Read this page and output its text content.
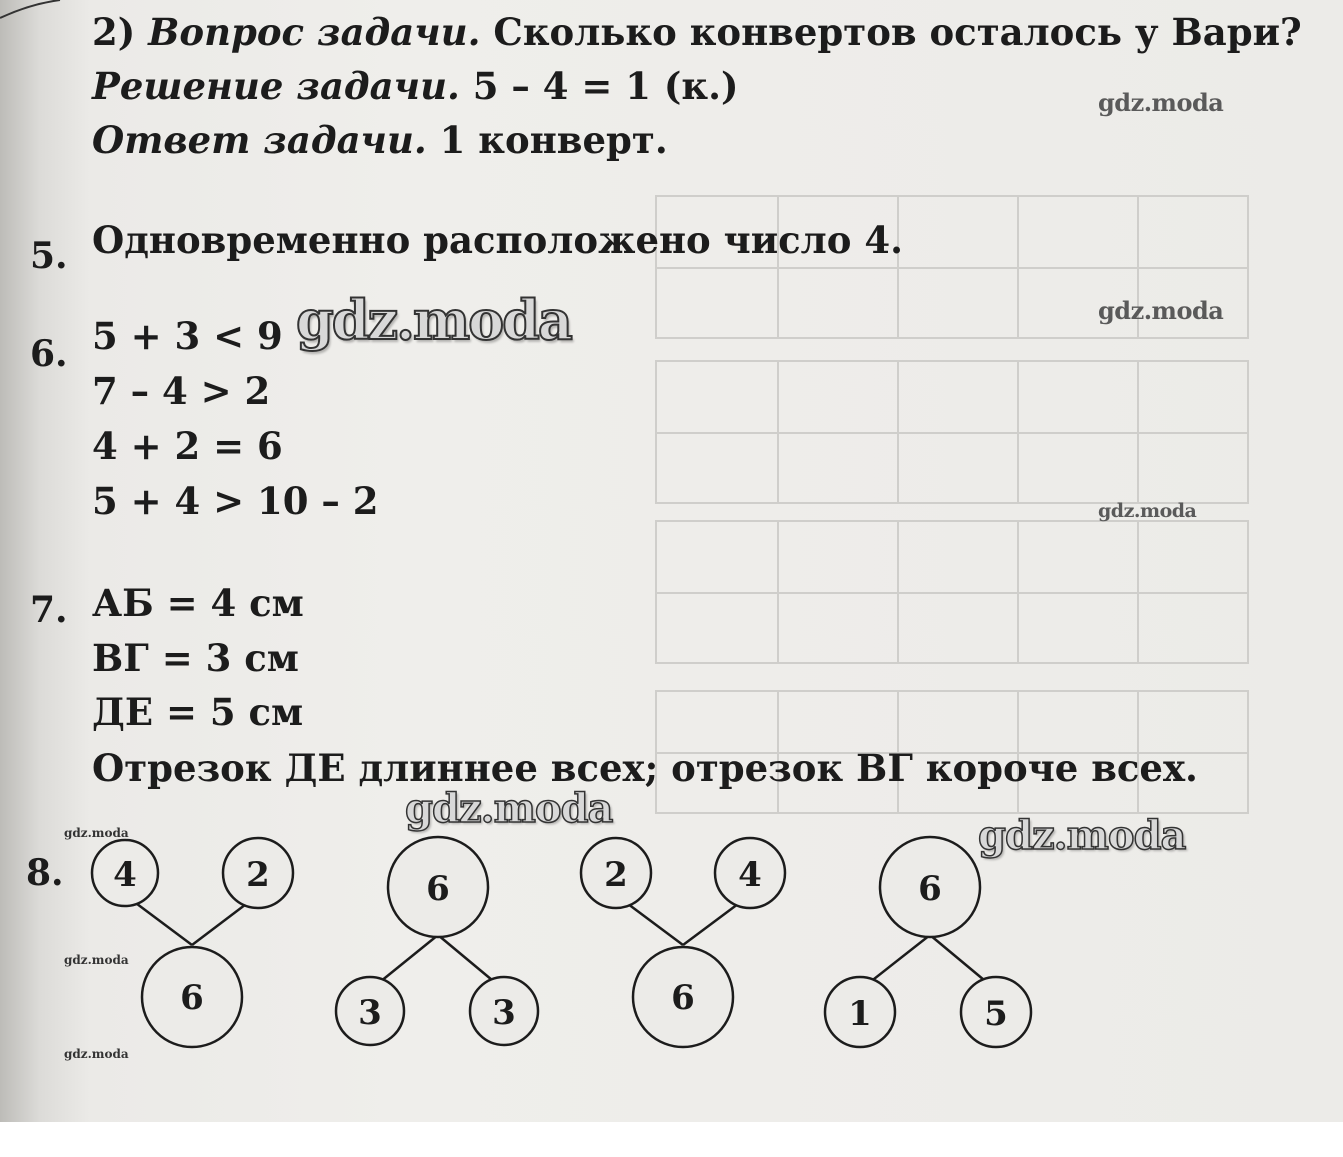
2) Вопрос задачи. Сколько конвертов осталось у Вари?
Решение задачи. 5 – 4 = 1 (к.)
Ответ задачи. 1 конверт.
5. Одновременно расположено число 4.
6. 5 + 3 < 9
7 – 4 > 2
4 + 2 = 6
5 + 4 > 10 – 2
7. АБ = 4 см
ВГ = 3 см
ДЕ = 5 см
Отрезок ДЕ длиннее всех; отрезок ВГ короче всех.
8. 4	2
6
6
3	3
2	4
6
6
1	5
gdz.moda
gdz.moda
gdz.moda
gdz.moda
gdz.moda
gdz.moda
gdz.moda
gdz.moda
gdz.moda
